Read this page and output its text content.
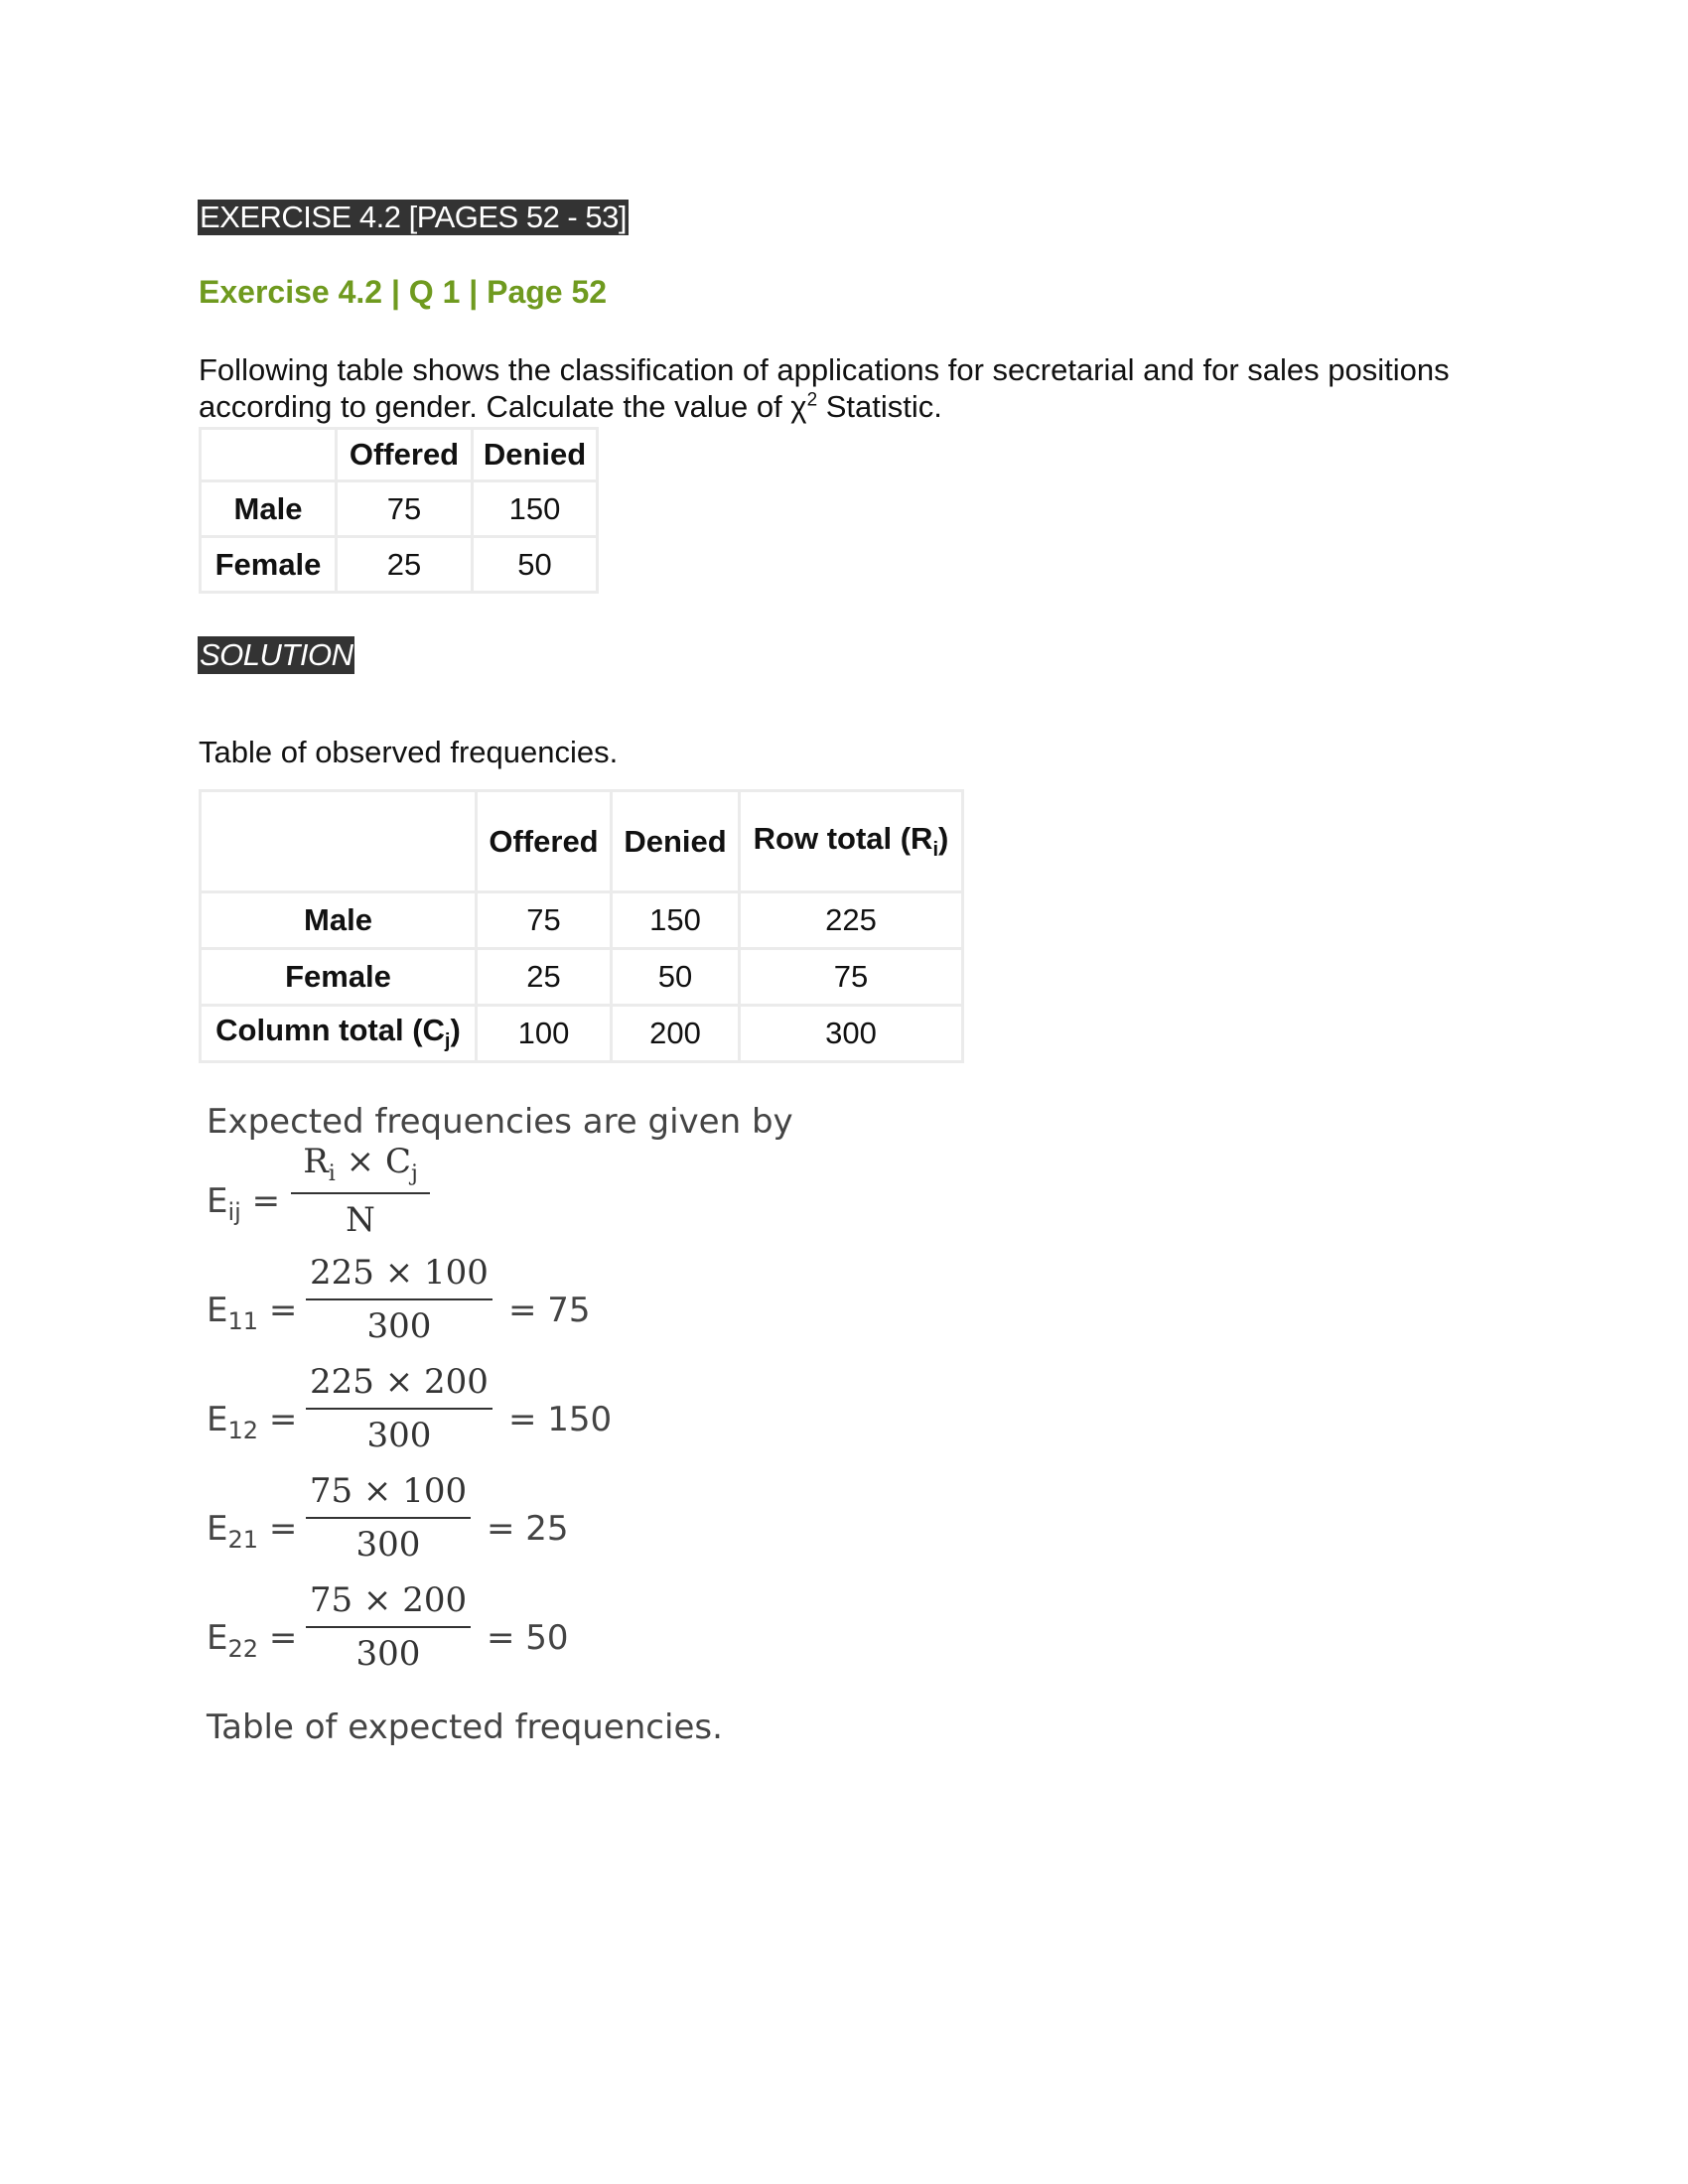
EXERCISE 4.2 [PAGES 52 - 53]
Exercise 4.2 | Q 1 | Page 52
Following table shows the classification of applications for secretarial and for sales positions according to gender. Calculate the value of $\chi^2$ Statistic.
	Offered	Denied
Male	75	150
Female	25	50
SOLUTION
Table of observed frequencies.
	Offered	Denied	Row total $(R_i)$
Male	75	150	225
Female	25	50	75
Column total $(C_j)$	100	200	300
Expected frequencies are given by
$E_{ij}$ =
$R_i \times C_j$
N
$E_{11}$ =
225 × 100
300	= 75
$E_{12}$ =
225 × 200
300	= 150
$E_{21}$ =
75 × 100
300	= 25
$E_{22}$ =
75 × 200
300	= 50
Table of expected frequencies.
